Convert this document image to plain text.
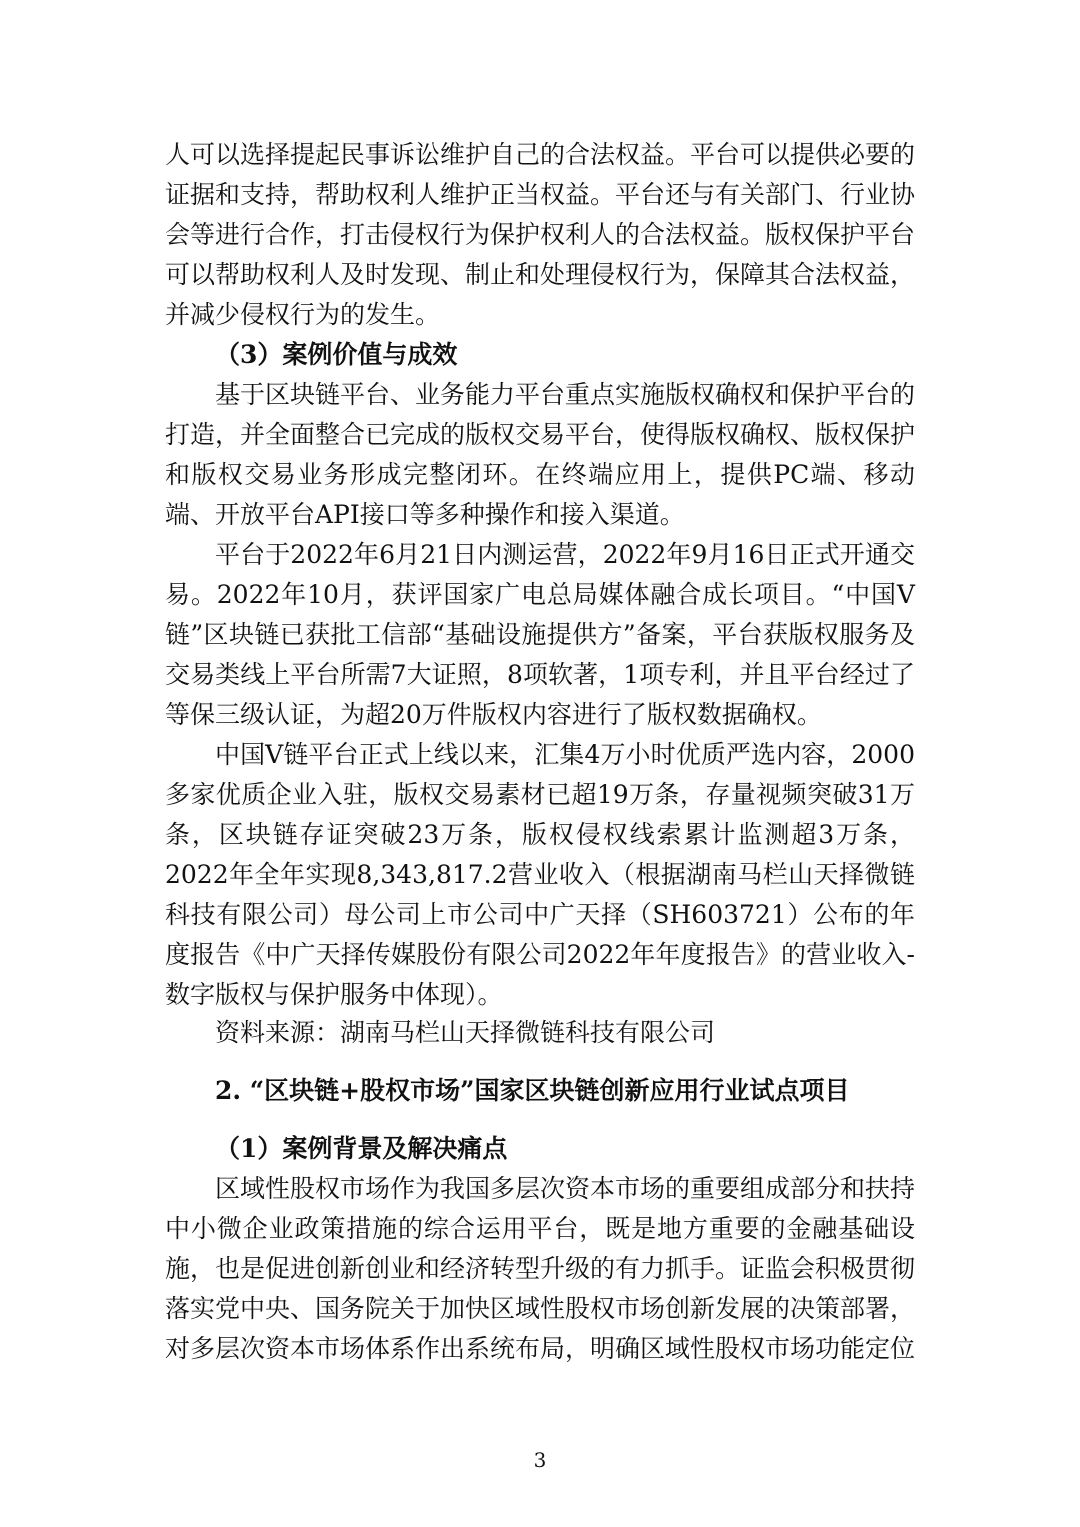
人可以选择提起民事诉讼维护自己的合法权益。平台可以提供必要的证据和支持，帮助权利人维护正当权益。平台还与有关部门、行业协会等进行合作，打击侵权行为保护权利人的合法权益。版权保护平台可以帮助权利人及时发现、制止和处理侵权行为，保障其合法权益，并减少侵权行为的发生。
（3）案例价值与成效
基于区块链平台、业务能力平台重点实施版权确权和保护平台的打造，并全面整合已完成的版权交易平台，使得版权确权、版权保护和版权交易业务形成完整闭环。在终端应用上，提供PC端、移动端、开放平台API接口等多种操作和接入渠道。
平台于2022年6月21日内测运营，2022年9月16日正式开通交易。2022年10月，获评国家广电总局媒体融合成长项目。“中国V链”区块链已获批工信部“基础设施提供方”备案，平台获版权服务及交易类线上平台所需7大证照，8项软著，1项专利，并且平台经过了等保三级认证，为超20万件版权内容进行了版权数据确权。
中国V链平台正式上线以来，汇集4万小时优质严选内容，2000多家优质企业入驻，版权交易素材已超19万条，存量视频突破31万条，区块链存证突破23万条，版权侵权线索累计监测超3万条，2022年全年实现8,343,817.2营业收入（根据湖南马栏山天择微链科技有限公司）母公司上市公司中广天择（SH603721）公布的年度报告《中广天择传媒股份有限公司2022年年度报告》的营业收入-数字版权与保护服务中体现）。
资料来源：湖南马栏山天择微链科技有限公司
2. “区块链+股权市场”国家区块链创新应用行业试点项目
（1）案例背景及解决痛点
区域性股权市场作为我国多层次资本市场的重要组成部分和扶持中小微企业政策措施的综合运用平台，既是地方重要的金融基础设施，也是促进创新创业和经济转型升级的有力抓手。证监会积极贯彻落实党中央、国务院关于加快区域性股权市场创新发展的决策部署，对多层次资本市场体系作出系统布局，明确区域性股权市场功能定位
3
